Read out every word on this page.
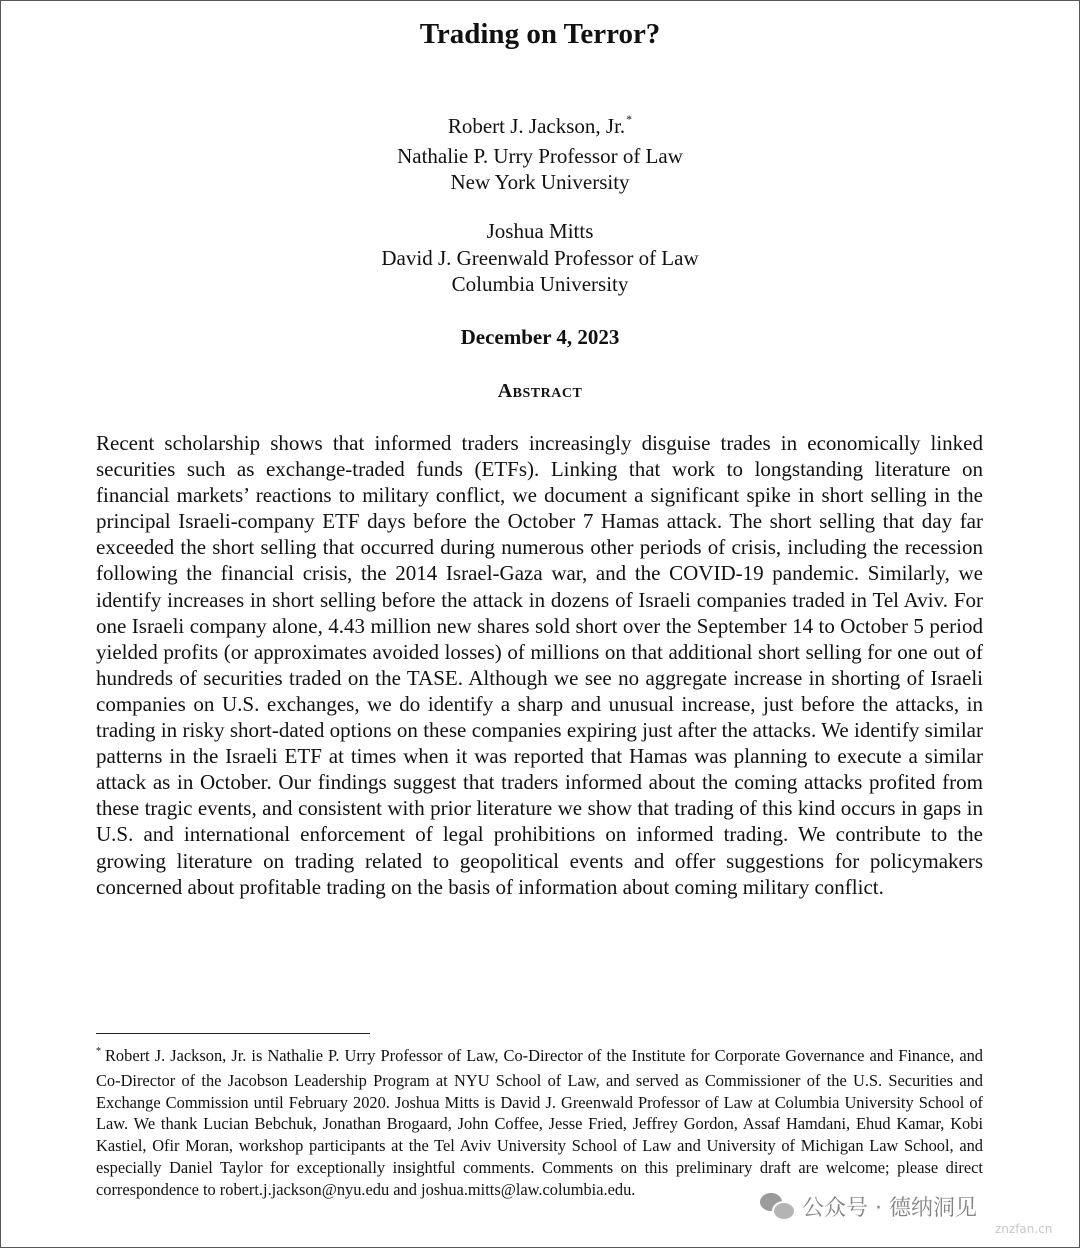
Trading on Terror?
Robert J. Jackson, Jr.*
Nathalie P. Urry Professor of Law
New York University
Joshua Mitts
David J. Greenwald Professor of Law
Columbia University
December 4, 2023
Abstract

Recent scholarship shows that informed traders increasingly disguise trades in economically linked securities such as exchange-traded funds (ETFs). Linking that work to longstanding literature on financial markets’ reactions to military conflict, we document a significant spike in short selling in the principal Israeli-company ETF days before the October 7 Hamas attack. The short selling that day far exceeded the short selling that occurred during numerous other periods of crisis, including the recession following the financial crisis, the 2014 Israel-Gaza war, and the COVID-19 pandemic. Similarly, we identify increases in short selling before the attack in dozens of Israeli companies traded in Tel Aviv. For one Israeli company alone, 4.43 million new shares sold short over the September 14 to October 5 period yielded profits (or approximates avoided losses) of millions on that additional short selling for one out of hundreds of securities traded on the TASE. Although we see no aggregate increase in shorting of Israeli companies on U.S. exchanges, we do identify a sharp and unusual increase, just before the attacks, in trading in risky short-dated options on these companies expiring just after the attacks. We identify similar patterns in the Israeli ETF at times when it was reported that Hamas was planning to execute a similar attack as in October. Our findings suggest that traders informed about the coming attacks profited from these tragic events, and consistent with prior literature we show that trading of this kind occurs in gaps in U.S. and international enforcement of legal prohibitions on informed trading. We contribute to the growing literature on trading related to geopolitical events and offer suggestions for policymakers concerned about profitable trading on the basis of information about coming military conflict.

* Robert J. Jackson, Jr. is Nathalie P. Urry Professor of Law, Co-Director of the Institute for Corporate Governance and Finance, and Co-Director of the Jacobson Leadership Program at NYU School of Law, and served as Commissioner of the U.S. Securities and Exchange Commission until February 2020. Joshua Mitts is David J. Greenwald Professor of Law at Columbia University School of Law. We thank Lucian Bebchuk, Jonathan Brogaard, John Coffee, Jesse Fried, Jeffrey Gordon, Assaf Hamdani, Ehud Kamar, Kobi Kastiel, Ofir Moran, workshop participants at the Tel Aviv University School of Law and University of Michigan Law School, and especially Daniel Taylor for exceptionally insightful comments. Comments on this preliminary draft are welcome; please direct correspondence to robert.j.jackson@nyu.edu and joshua.mitts@law.columbia.edu.

公众号 · 德纳洞见
znzfan.cn
